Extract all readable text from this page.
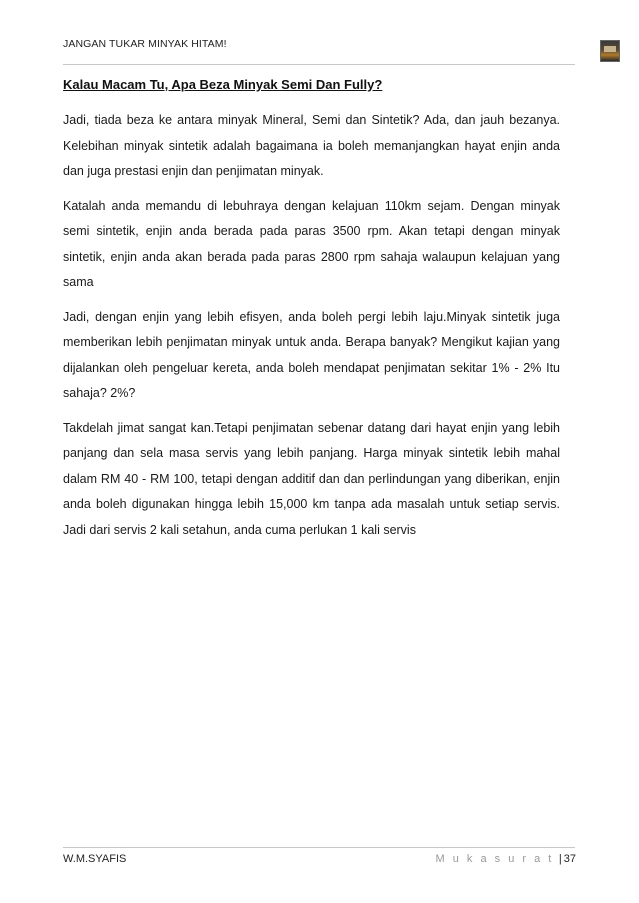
JANGAN TUKAR MINYAK HITAM!
Kalau Macam Tu, Apa Beza Minyak Semi Dan Fully?

Jadi, tiada beza ke antara minyak Mineral, Semi dan Sintetik? Ada, dan jauh bezanya. Kelebihan minyak sintetik adalah bagaimana ia boleh memanjangkan hayat enjin anda dan juga prestasi enjin dan penjimatan minyak.

Katalah anda memandu di lebuhraya dengan kelajuan 110km sejam. Dengan minyak semi sintetik, enjin anda berada pada paras 3500 rpm. Akan tetapi dengan minyak sintetik, enjin anda akan berada pada paras 2800 rpm sahaja walaupun kelajuan yang sama

Jadi, dengan enjin yang lebih efisyen, anda boleh pergi lebih laju.Minyak sintetik juga memberikan lebih penjimatan minyak untuk anda. Berapa banyak? Mengikut kajian yang dijalankan oleh pengeluar kereta, anda boleh mendapat penjimatan sekitar 1% - 2% Itu sahaja? 2%?

Takdelah jimat sangat kan.Tetapi penjimatan sebenar datang dari hayat enjin yang lebih panjang dan sela masa servis yang lebih panjang. Harga minyak sintetik lebih mahal dalam RM 40 - RM 100, tetapi dengan additif dan dan perlindungan yang diberikan, enjin anda boleh digunakan hingga lebih 15,000 km tanpa ada masalah untuk setiap servis. Jadi dari servis 2 kali setahun, anda cuma perlukan 1 kali servis

W.M.SYAFIS	M u k a s u r a t | 37
